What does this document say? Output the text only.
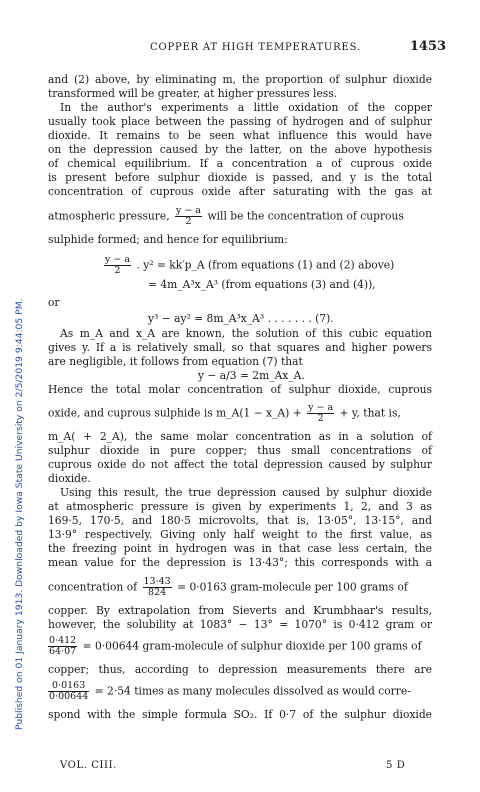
Published on 01 January 1913. Downloaded by Iowa State University on 2/5/2019 9:44:05 PM.
COPPER AT HIGH TEMPERATURES.	1453
and (2) above, by eliminating m, the proportion of sulphur dioxide
transformed will be greater, at higher pressures less.
In the author's experiments a little oxidation of the copper
usually took place between the passing of hydrogen and of sulphur
dioxide. It remains to be seen what influence this would have
on the depression caused by the latter, on the above hypothesis
of chemical equilibrium. If a concentration a of cuprous oxide
is present before sulphur dioxide is passed, and y is the total
concentration of cuprous oxide after saturating with the gas at
atmospheric pressure, $\frac{y - a}{2}$ will be the concentration of cuprous
sulphide formed; and hence for equilibrium:
$\frac{y - a}{2}$ . y² = kk′p_A (from equations (1) and (2) above)
= 4m_A³x_A³ (from equations (3) and (4)),
or
y³ − ay² = 8m_A³x_A³ . . . . . . . (7).
As m_A and x_A are known, the solution of this cubic equation
gives y. If a is relatively small, so that squares and higher powers
are negligible, it follows from equation (7) that
y − a/3 = 2m_Ax_A.
Hence the total molar concentration of sulphur dioxide, cuprous
oxide, and cuprous sulphide is m_A(1 − x_A) + $\frac{y - a}{2} + y$, that is,
m_A( + 2_A), the same molar concentration as in a solution of
sulphur dioxide in pure copper; thus small concentrations of
cuprous oxide do not affect the total depression caused by sulphur
dioxide.
Using this result, the true depression caused by sulphur dioxide
at atmospheric pressure is given by experiments 1, 2, and 3 as
169·5, 170·5, and 180·5 microvolts, that is, 13·05°, 13·15°, and
13·9° respectively. Giving only half weight to the first value, as
the freezing point in hydrogen was in that case less certain, the
mean value for the depression is 13·43°; this corresponds with a
concentration of $\frac{13\cdot 43}{824} = 0\cdot 0163$ gram-molecule per 100 grams of
copper. By extrapolation from Sieverts and Krumbhaar's results,
however, the solubility at 1083° − 13° = 1070° is 0·412 gram or
$\frac{0\cdot 412}{64\cdot 07} = 0\cdot 00644$ gram-molecule of sulphur dioxide per 100 grams of
copper; thus, according to depression measurements there are
$\frac{0\cdot 0163}{0\cdot 00644} = 2\cdot 54$ times as many molecules dissolved as would corre-
spond with the simple formula SO₂. If 0·7 of the sulphur dioxide
VOL. CIII.	5 D
